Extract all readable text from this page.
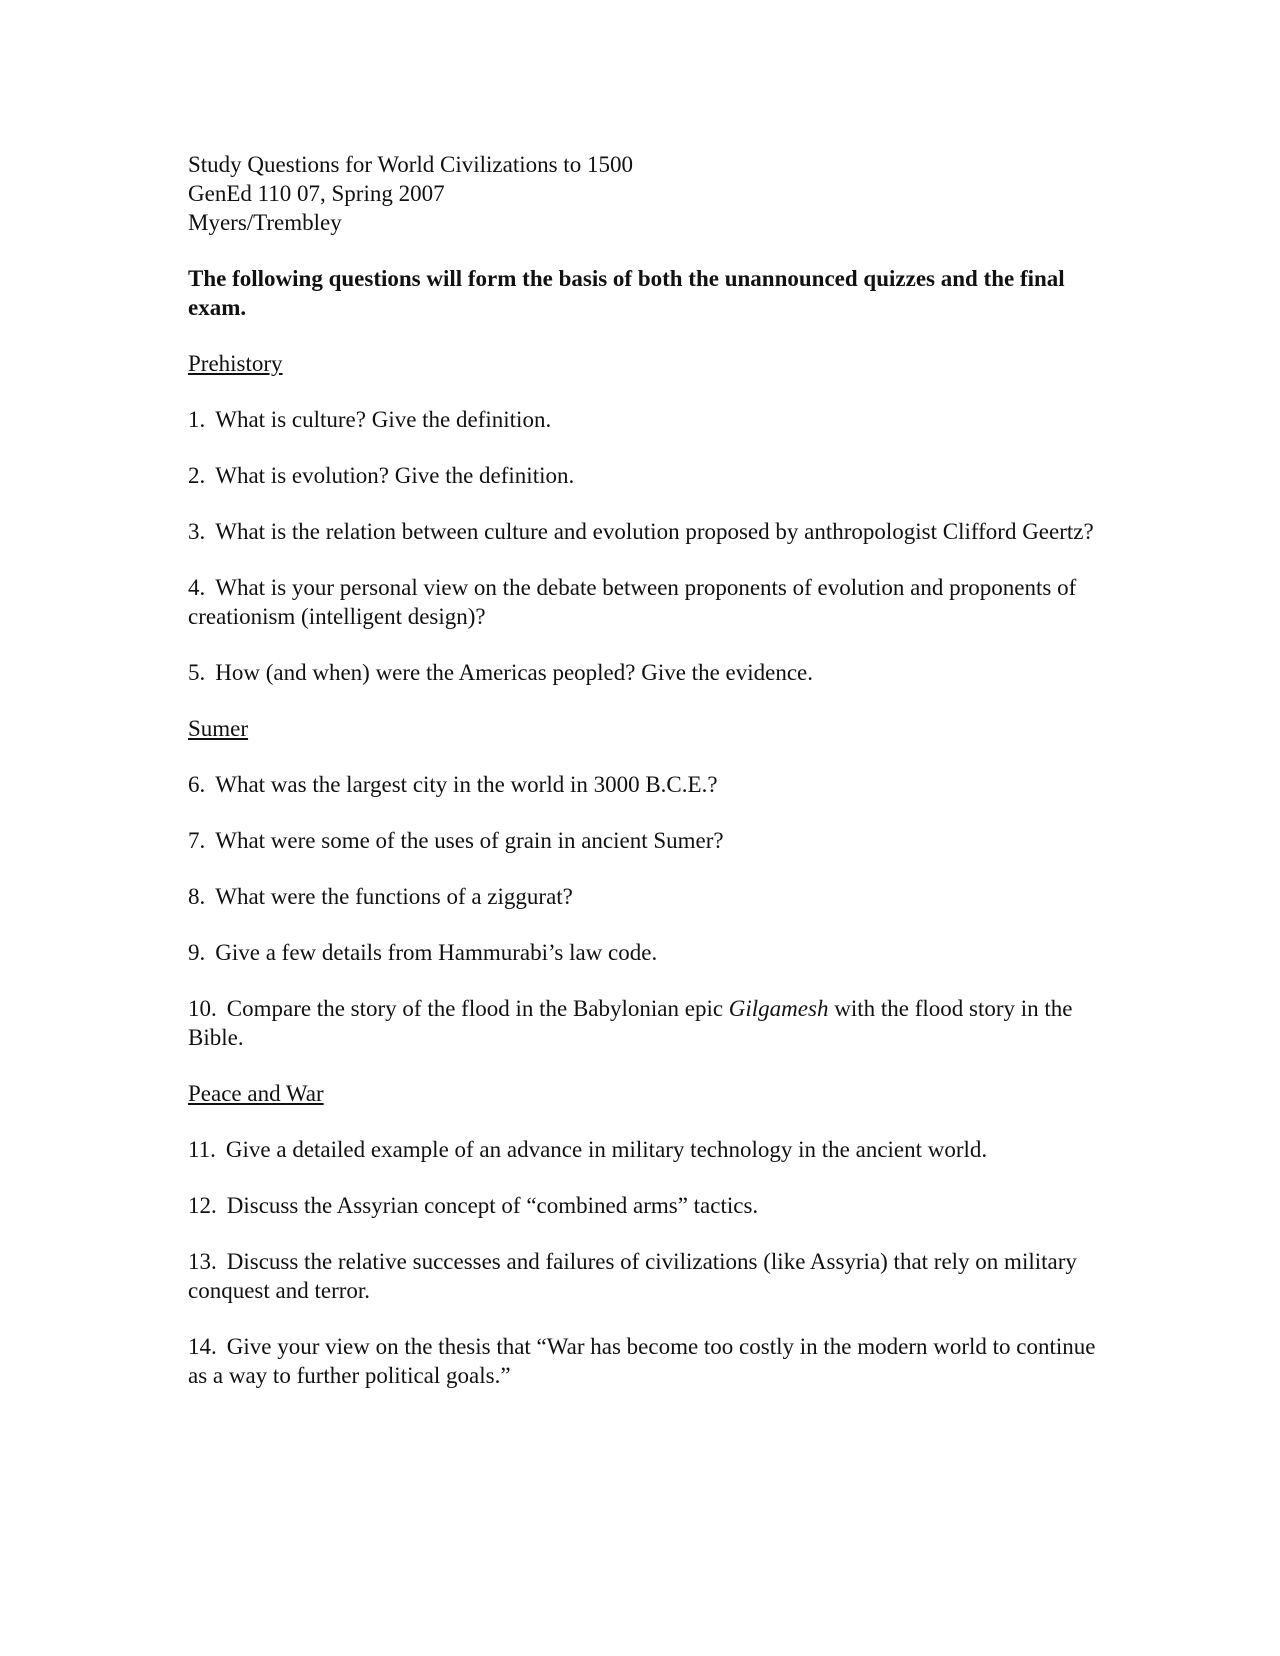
Study Questions for World Civilizations to 1500
GenEd 110 07, Spring 2007
Myers/Trembley

The following questions will form the basis of both the unannounced quizzes and the final exam.

Prehistory

1. What is culture? Give the definition.

2. What is evolution? Give the definition.

3. What is the relation between culture and evolution proposed by anthropologist Clifford Geertz?

4. What is your personal view on the debate between proponents of evolution and proponents of creationism (intelligent design)?

5. How (and when) were the Americas peopled? Give the evidence.

Sumer

6. What was the largest city in the world in 3000 B.C.E.?

7. What were some of the uses of grain in ancient Sumer?

8. What were the functions of a ziggurat?

9. Give a few details from Hammurabi’s law code.

10. Compare the story of the flood in the Babylonian epic Gilgamesh with the flood story in the Bible.

Peace and War

11. Give a detailed example of an advance in military technology in the ancient world.

12. Discuss the Assyrian concept of “combined arms” tactics.

13. Discuss the relative successes and failures of civilizations (like Assyria) that rely on military conquest and terror.

14. Give your view on the thesis that “War has become too costly in the modern world to continue as a way to further political goals.”
